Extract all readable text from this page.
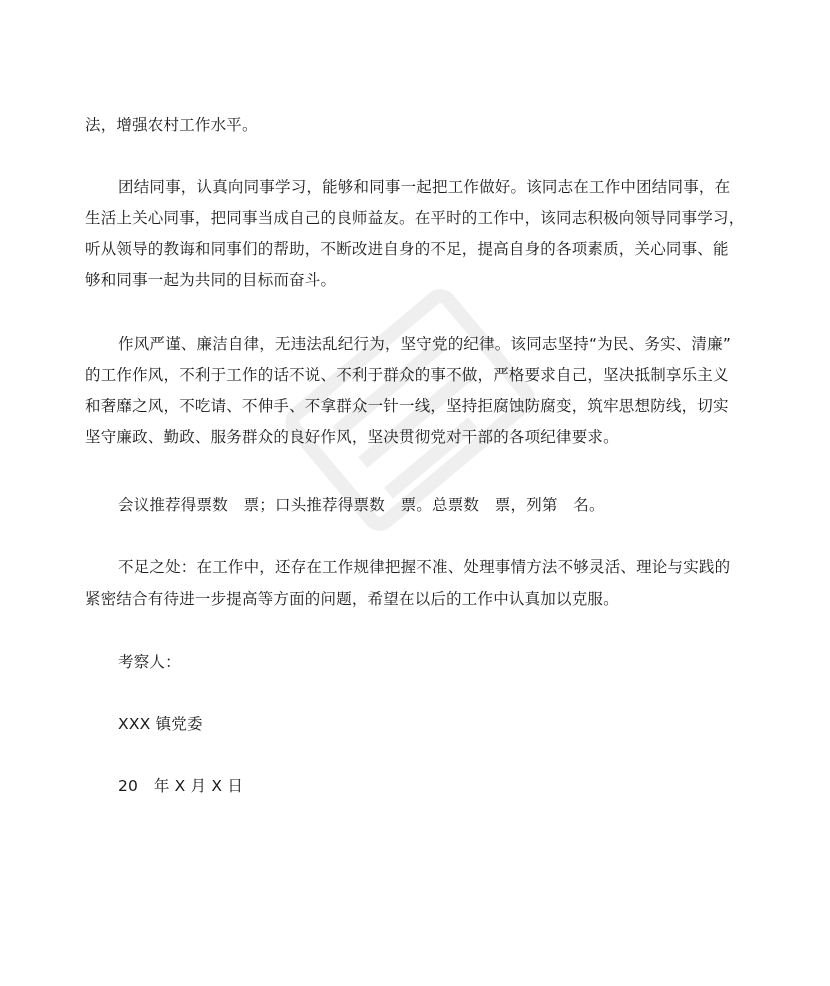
法，增强农村工作水平。
团结同事，认真向同事学习，能够和同事一起把工作做好。该同志在工作中团结同事，在
生活上关心同事，把同事当成自己的良师益友。在平时的工作中，该同志积极向领导同事学习，
听从领导的教诲和同事们的帮助，不断改进自身的不足，提高自身的各项素质，关心同事、能
够和同事一起为共同的目标而奋斗。
作风严谨、廉洁自律，无违法乱纪行为，坚守党的纪律。该同志坚持“为民、务实、清廉”
的工作作风，不利于工作的话不说、不利于群众的事不做，严格要求自己，坚决抵制享乐主义
和奢靡之风，不吃请、不伸手、不拿群众一针一线，坚持拒腐蚀防腐变，筑牢思想防线，切实
坚守廉政、勤政、服务群众的良好作风，坚决贯彻党对干部的各项纪律要求。
会议推荐得票数　票；口头推荐得票数　票。总票数　票，列第　名。
不足之处：在工作中，还存在工作规律把握不准、处理事情方法不够灵活、理论与实践的
紧密结合有待进一步提高等方面的问题，希望在以后的工作中认真加以克服。
考察人：
XXX 镇党委
20　年 X 月 X 日
